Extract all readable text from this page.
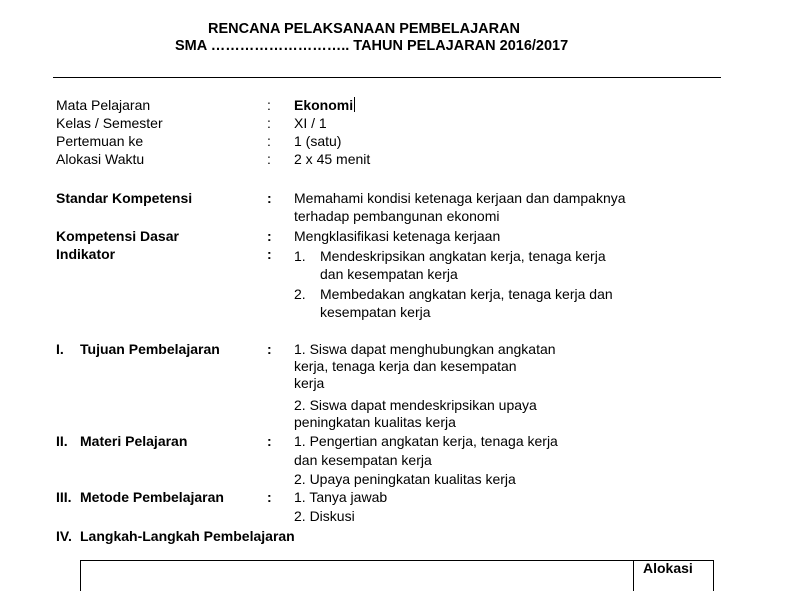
RENCANA PELAKSANAAN PEMBELAJARAN
SMA ……………………….. TAHUN PELAJARAN 2016/2017
Mata Pelajaran	: Ekonomi
Kelas / Semester	: XI / 1
Pertemuan ke	: 1 (satu)
Alokasi Waktu	: 2 x 45 menit
Standar Kompetensi	: Memahami kondisi ketenaga kerjaan dan dampaknya
terhadap pembangunan ekonomi
Kompetensi Dasar	: Mengklasifikasi ketenaga kerjaan
Indikator	: 1. Mendeskripsikan angkatan kerja, tenaga kerja
dan kesempatan kerja
2. Membedakan angkatan kerja, tenaga kerja dan
kesempatan kerja
I. Tujuan Pembelajaran	: 1. Siswa dapat menghubungkan angkatan
kerja, tenaga kerja dan kesempatan
kerja
2. Siswa dapat mendeskripsikan upaya
peningkatan kualitas kerja
II. Materi Pelajaran	: 1. Pengertian angkatan kerja, tenaga kerja
dan kesempatan kerja
2. Upaya peningkatan kualitas kerja
III. Metode Pembelajaran	: 1. Tanya jawab
2. Diskusi
IV. Langkah-Langkah Pembelajaran
Alokasi
